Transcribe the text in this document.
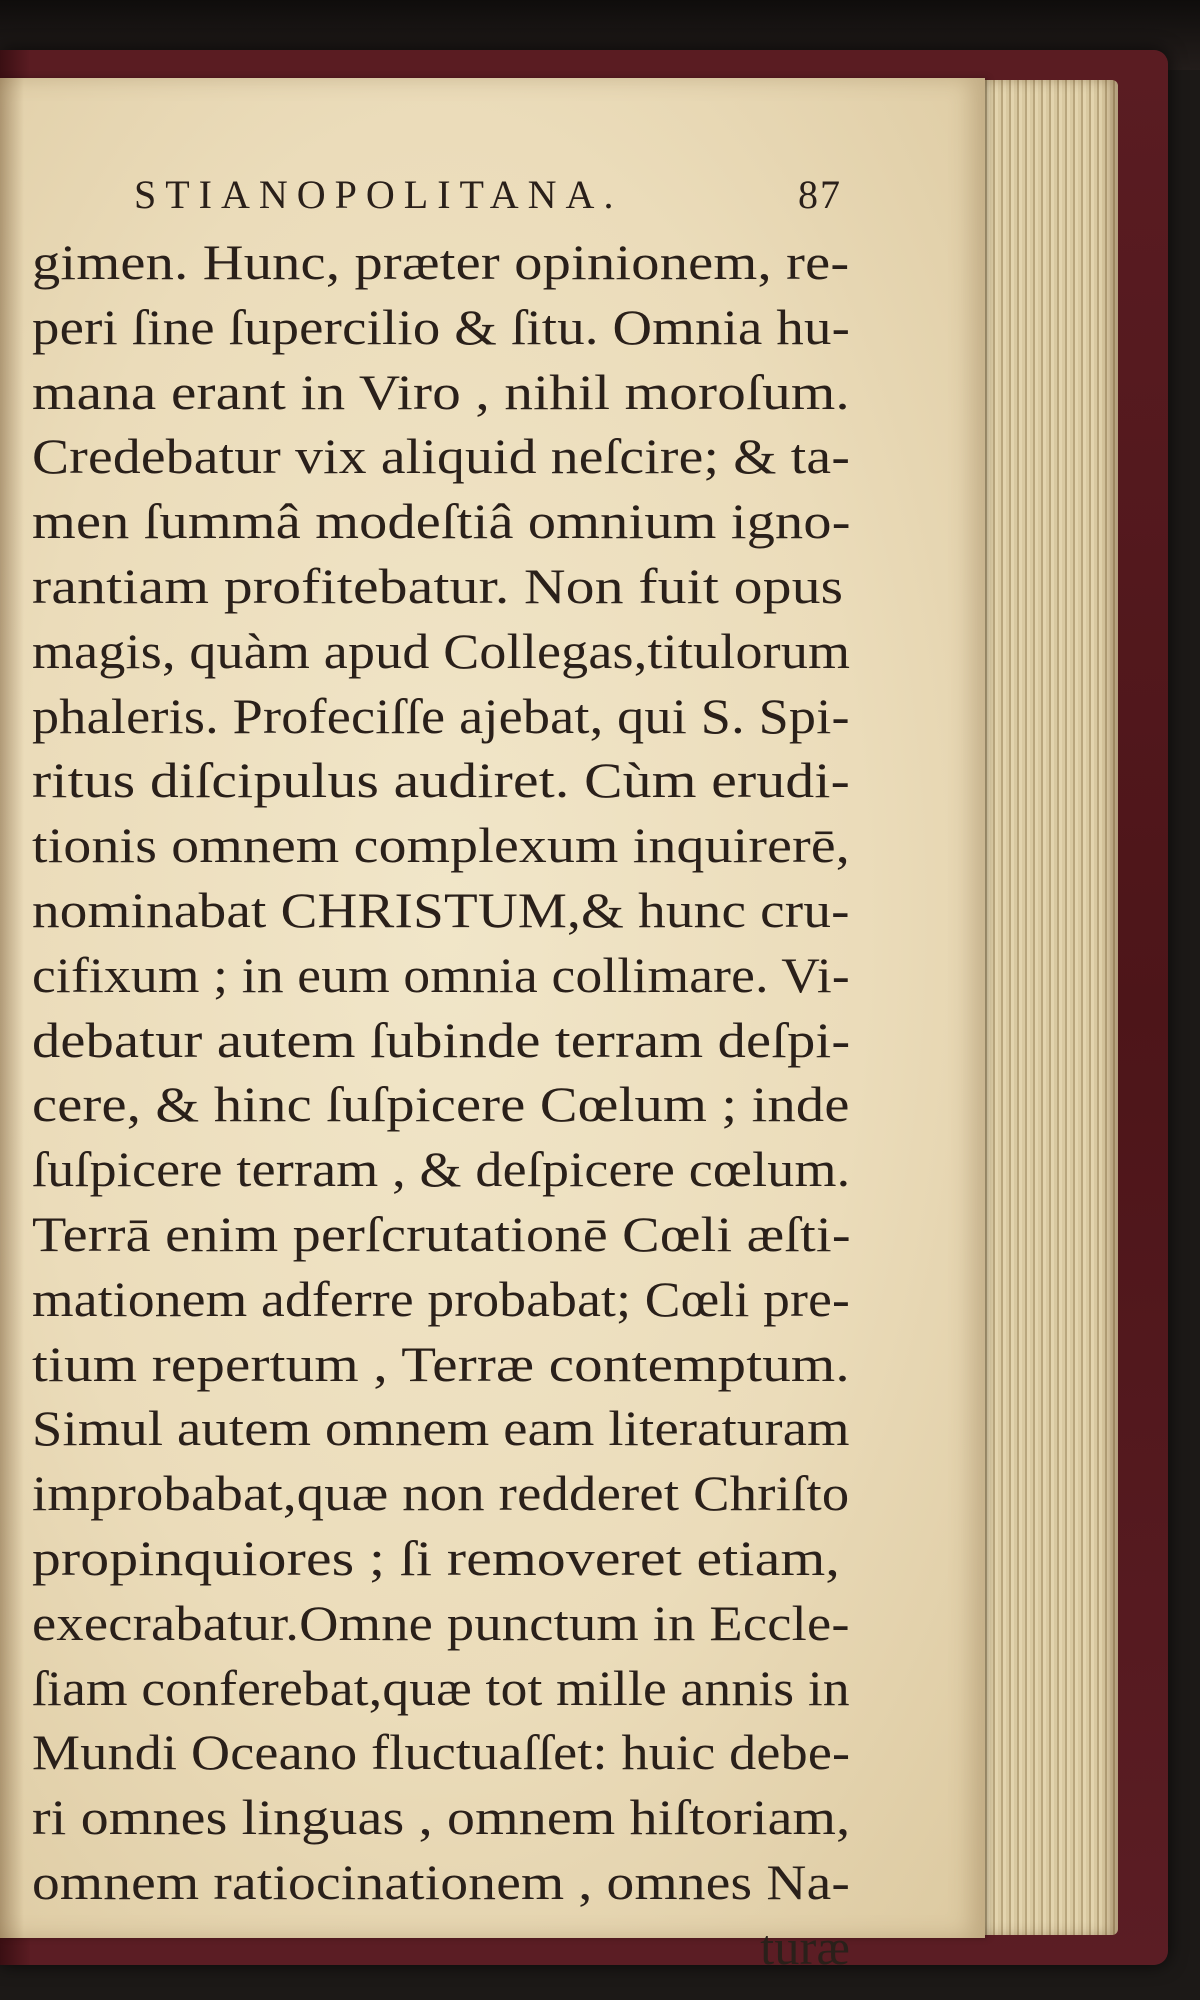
STIANOPOLITANA.	87
gimen. Hunc, præter opinionem, re-
peri ſine ſupercilio & ſitu. Omnia hu-
mana erant in Viro , nihil moroſum.
Credebatur vix aliquid neſcire; & ta-
men ſummâ modeſtiâ omnium igno-
rantiam profitebatur. Non fuit opus
magis, quàm apud Collegas,titulorum
phaleris. Profeciſſe ajebat, qui S. Spi-
ritus diſcipulus audiret. Cùm erudi-
tionis omnem complexum inquirerē,
nominabat CHRISTUM,& hunc cru-
cifixum ; in eum omnia collimare. Vi-
debatur autem ſubinde terram deſpi-
cere, & hinc ſuſpicere Cœlum ; inde
ſuſpicere terram , & deſpicere cœlum.
Terrā enim perſcrutationē Cœli æſti-
mationem adferre probabat; Cœli pre-
tium repertum , Terræ contemptum.
Simul autem omnem eam literaturam
improbabat,quæ non redderet Chriſto
propinquiores ; ſi removeret etiam,
execrabatur.Omne punctum in Eccle-
ſiam conferebat,quæ tot mille annis in
Mundi Oceano fluctuaſſet: huic debe-
ri omnes linguas , omnem hiſtoriam,
omnem ratiocinationem , omnes Na-
turæ
